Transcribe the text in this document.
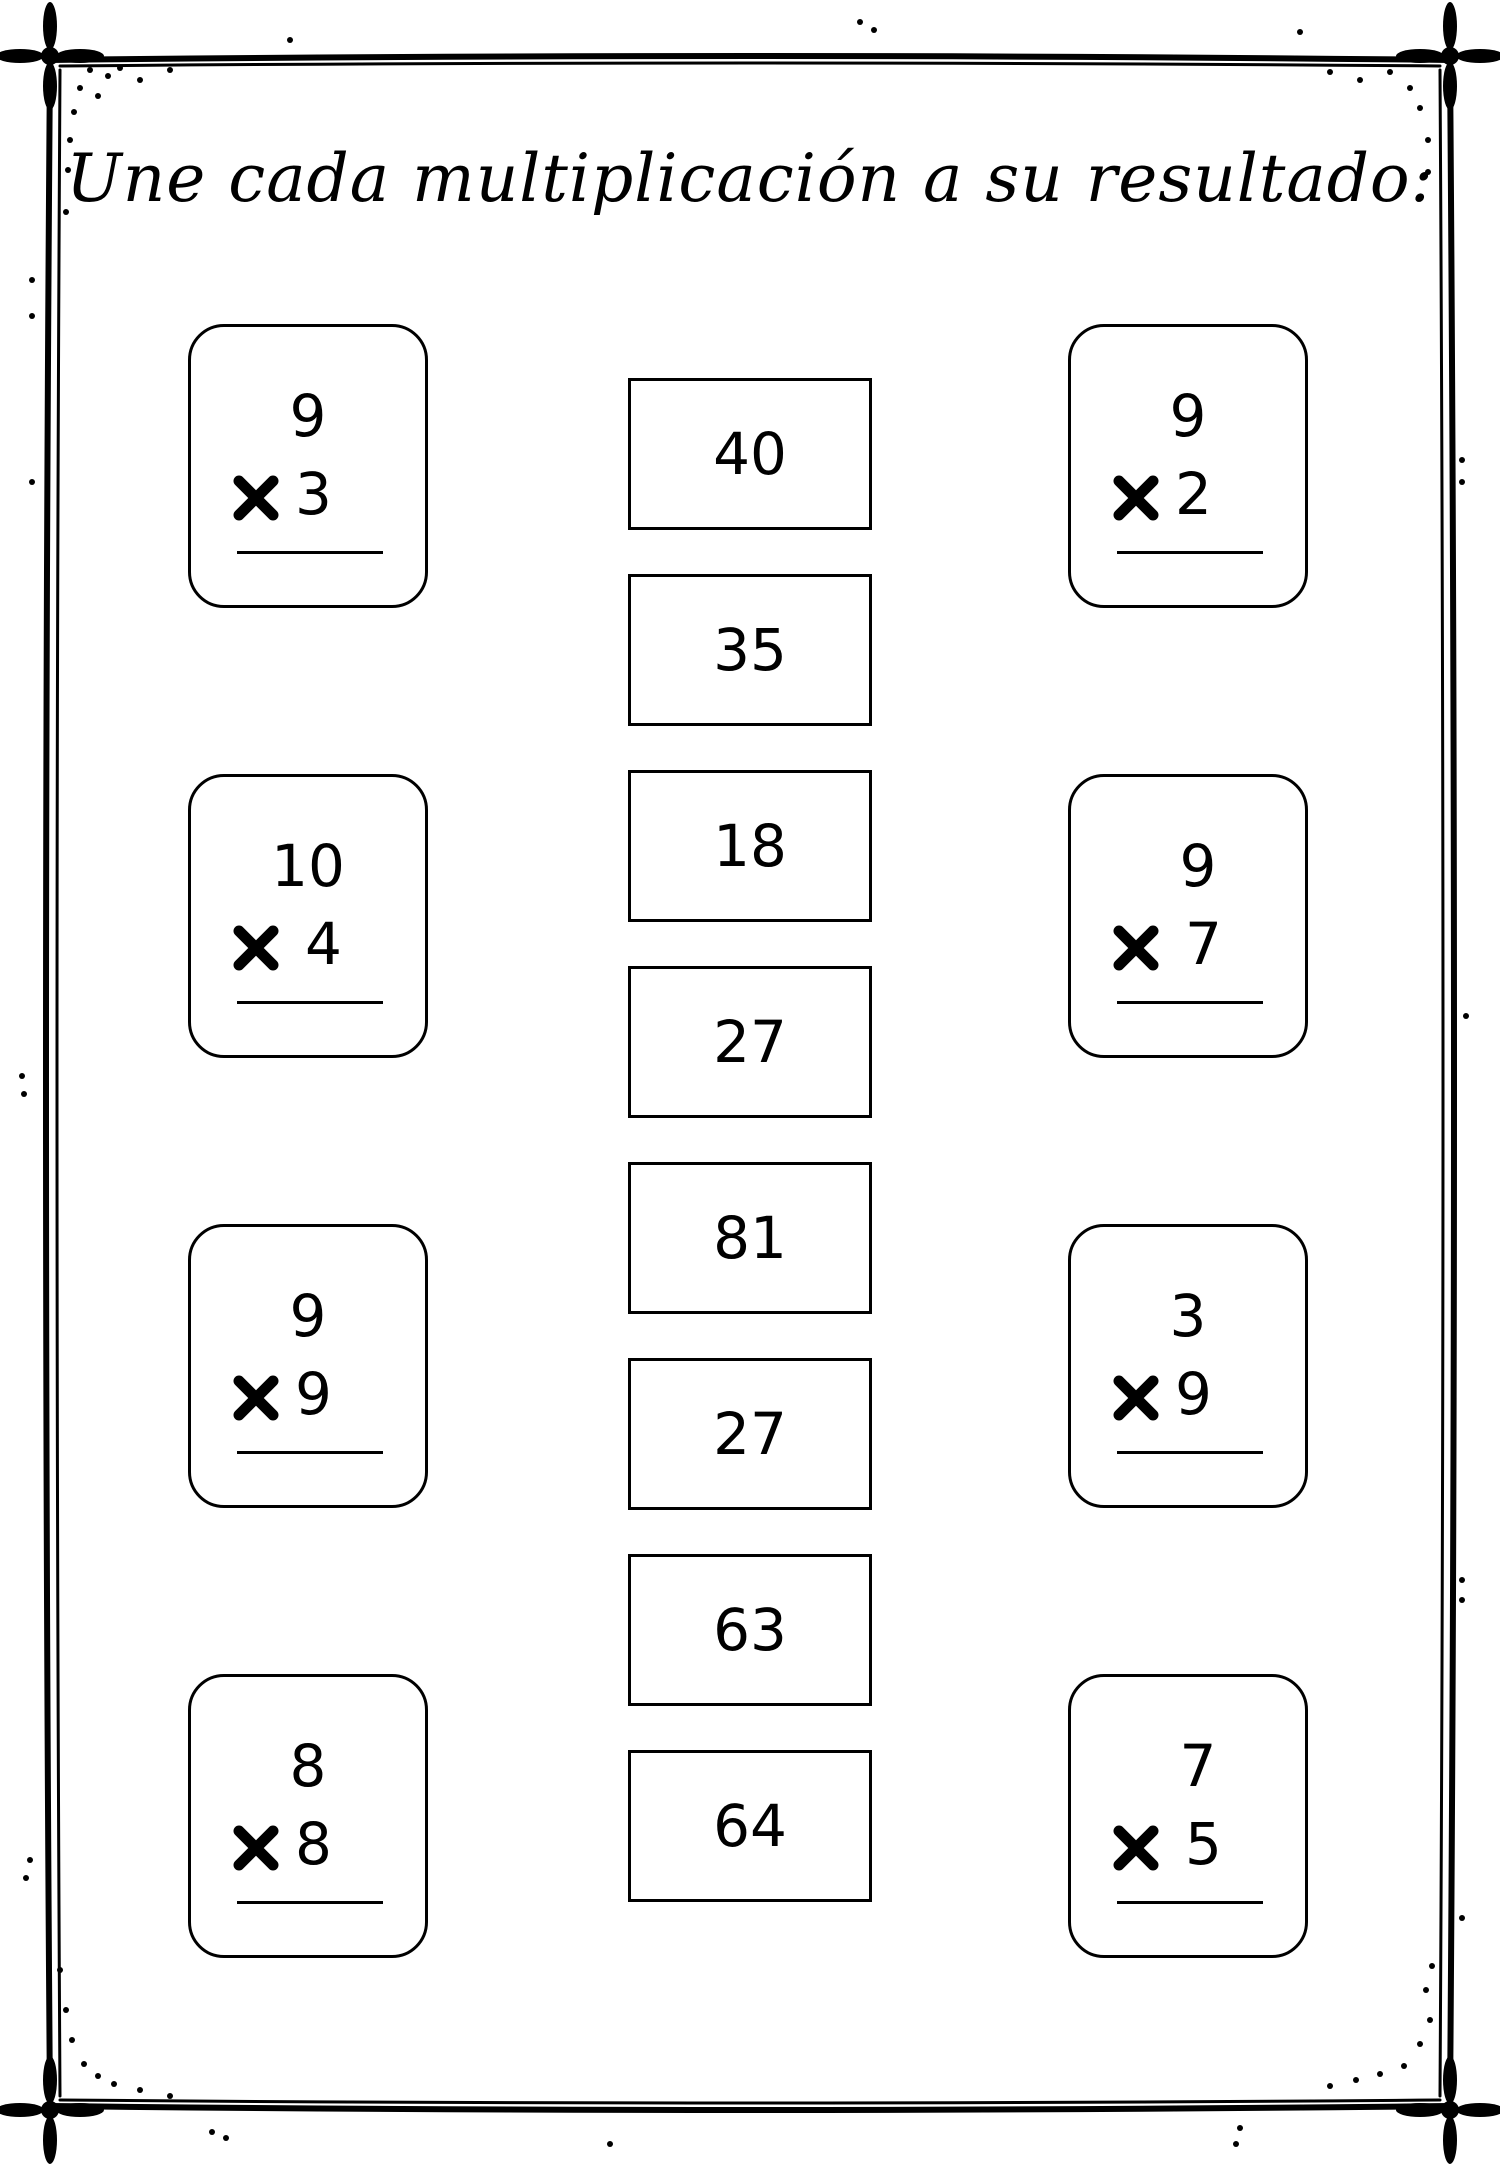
Une cada multiplicación a su resultado:
9
3
10
4
9
9
8
8
40
35
18
27
81
27
63
64
9
2
9
7
3
9
7
5
